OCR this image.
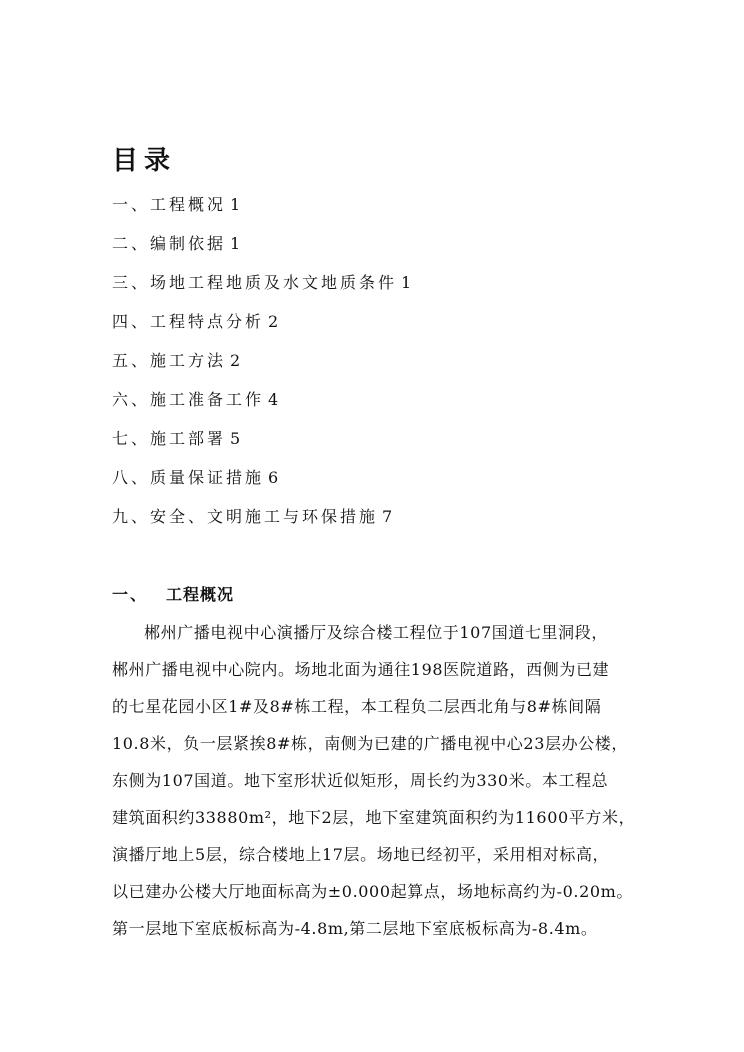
目录
一、工程概况 1
二、编制依据 1
三、场地工程地质及水文地质条件 1
四、工程特点分析 2
五、施工方法 2
六、施工准备工作 4
七、施工部署 5
八、质量保证措施 6
九、安全、文明施工与环保措施 7
一、 工程概况
郴州广播电视中心演播厅及综合楼工程位于107国道七里洞段，
郴州广播电视中心院内。场地北面为通往198医院道路，西侧为已建
的七星花园小区1#及8#栋工程，本工程负二层西北角与8#栋间隔
10.8米，负一层紧挨8#栋，南侧为已建的广播电视中心23层办公楼，
东侧为107国道。地下室形状近似矩形，周长约为330米。本工程总
建筑面积约33880m²，地下2层，地下室建筑面积约为11600平方米，
演播厅地上5层，综合楼地上17层。场地已经初平，采用相对标高，
以已建办公楼大厅地面标高为±0.000起算点，场地标高约为-0.20m。
第一层地下室底板标高为-4.8m,第二层地下室底板标高为-8.4m。
